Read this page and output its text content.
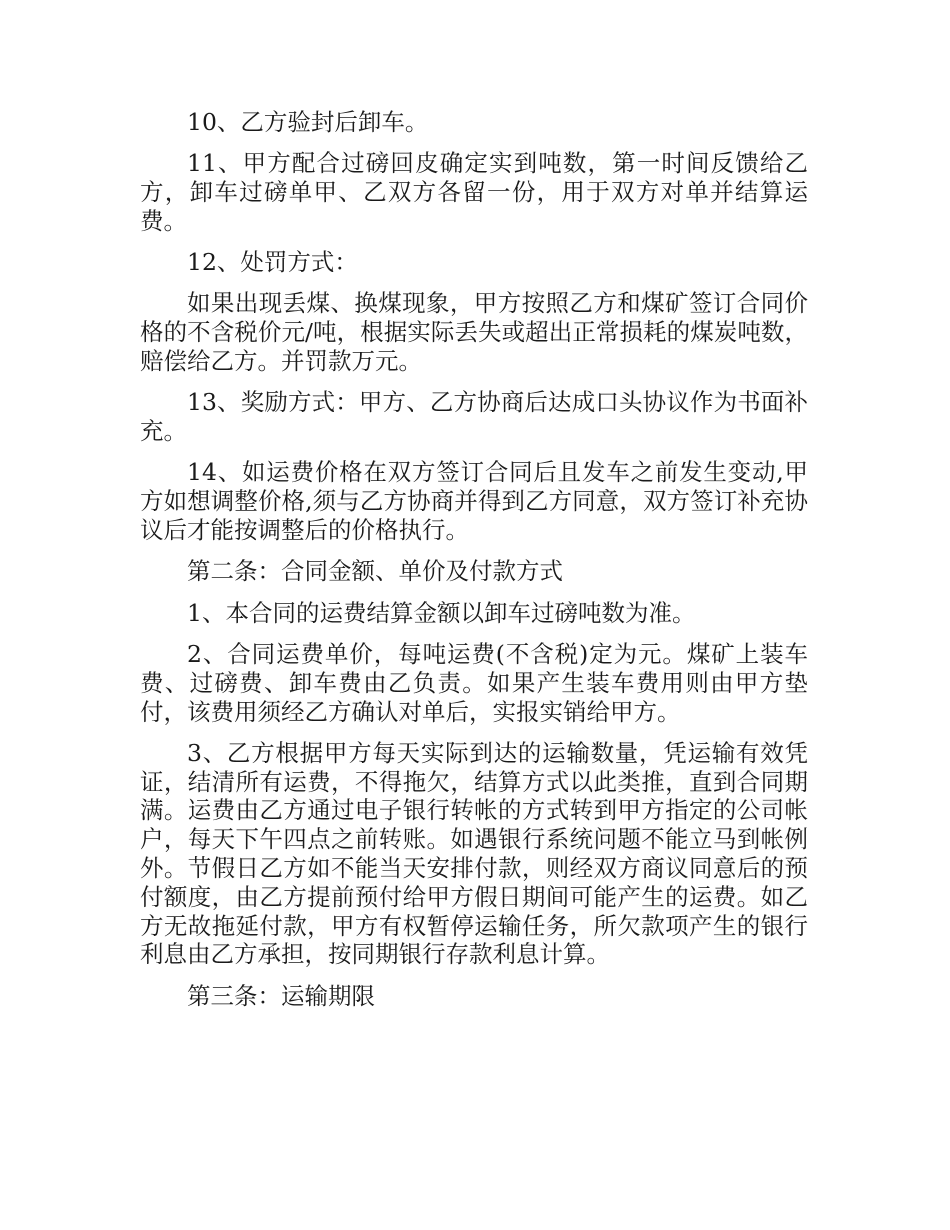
10、乙方验封后卸车。

11、甲方配合过磅回皮确定实到吨数，第一时间反馈给乙方，卸车过磅单甲、乙双方各留一份，用于双方对单并结算运费。

12、处罚方式：

如果出现丢煤、换煤现象，甲方按照乙方和煤矿签订合同价格的不含税价元/吨，根据实际丢失或超出正常损耗的煤炭吨数，赔偿给乙方。并罚款万元。

13、奖励方式：甲方、乙方协商后达成口头协议作为书面补充。

14、如运费价格在双方签订合同后且发车之前发生变动,甲方如想调整价格,须与乙方协商并得到乙方同意，双方签订补充协议后才能按调整后的价格执行。

第二条：合同金额、单价及付款方式

1、本合同的运费结算金额以卸车过磅吨数为准。

2、合同运费单价，每吨运费(不含税)定为元。煤矿上装车费、过磅费、卸车费由乙负责。如果产生装车费用则由甲方垫付，该费用须经乙方确认对单后，实报实销给甲方。

3、乙方根据甲方每天实际到达的运输数量，凭运输有效凭证，结清所有运费，不得拖欠，结算方式以此类推，直到合同期满。运费由乙方通过电子银行转帐的方式转到甲方指定的公司帐户，每天下午四点之前转账。如遇银行系统问题不能立马到帐例外。节假日乙方如不能当天安排付款，则经双方商议同意后的预付额度，由乙方提前预付给甲方假日期间可能产生的运费。如乙方无故拖延付款，甲方有权暂停运输任务，所欠款项产生的银行利息由乙方承担，按同期银行存款利息计算。

第三条：运输期限
